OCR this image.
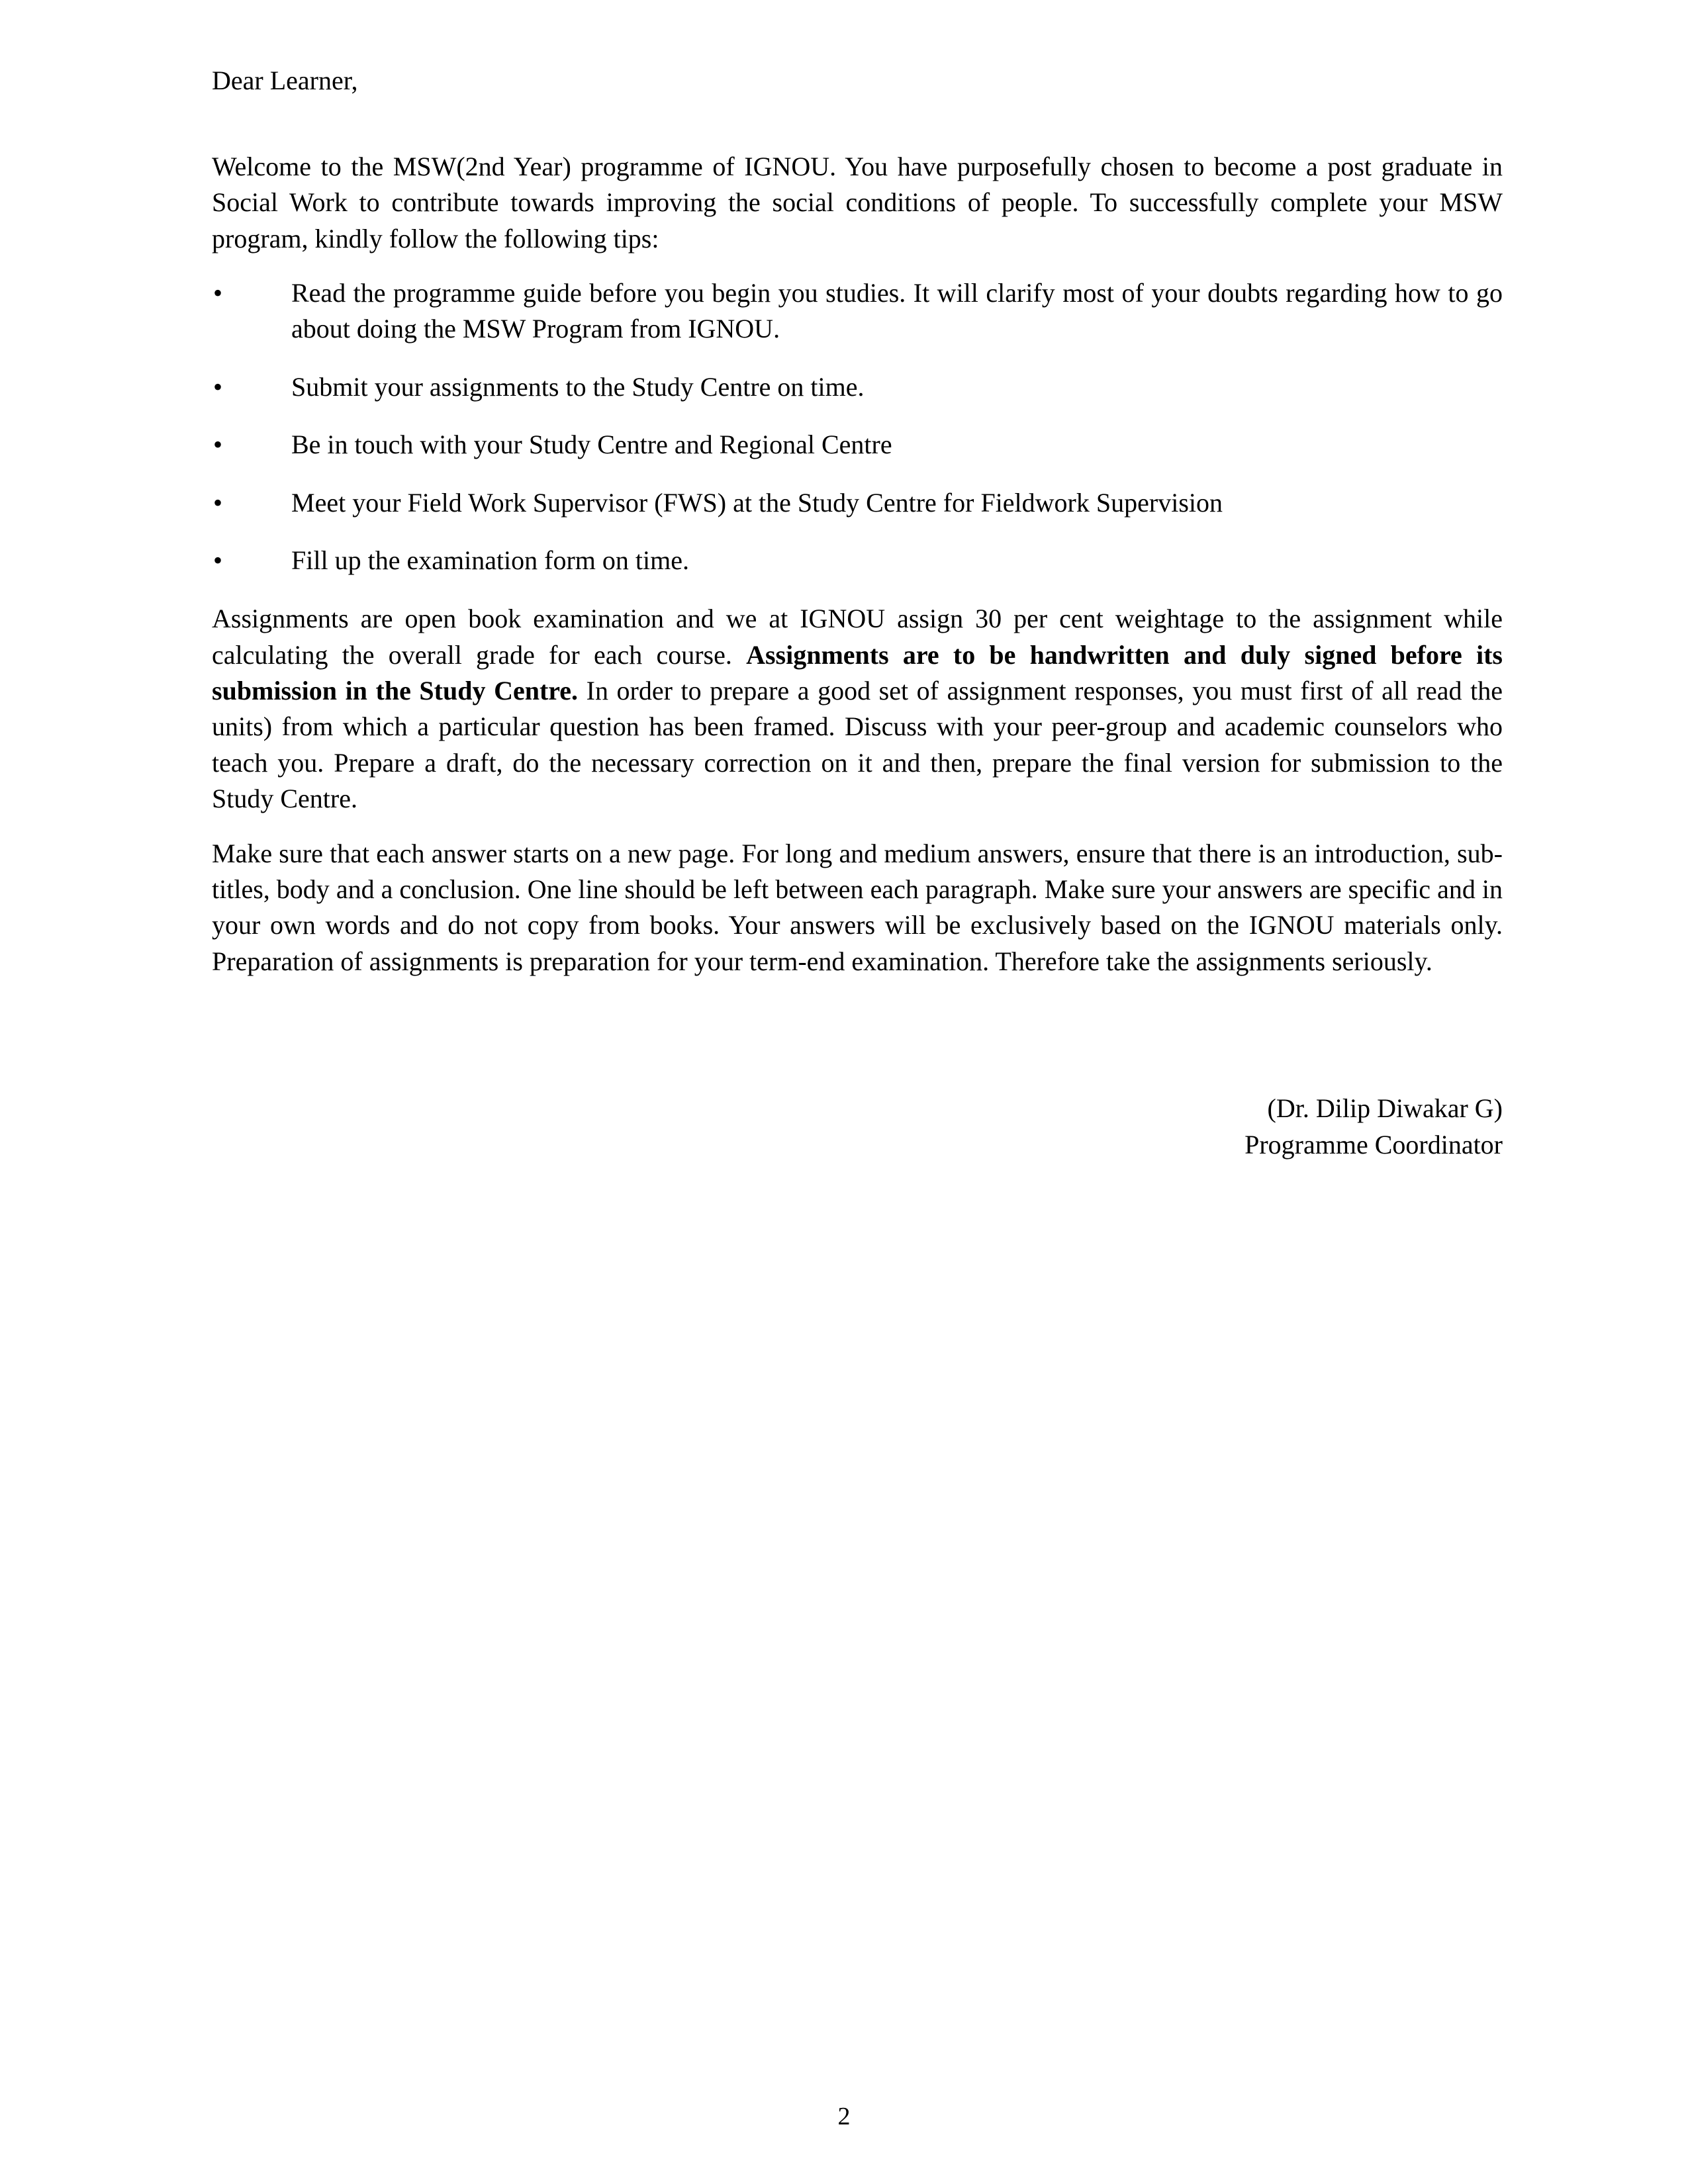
Dear Learner,

Welcome to the MSW(2nd Year) programme of IGNOU. You have purposefully chosen to become a post graduate in Social Work to contribute towards improving the social conditions of people. To successfully complete your MSW program, kindly follow the following tips:

•	Read the programme guide before you begin you studies. It will clarify most of your doubts regarding how to go about doing the MSW Program from IGNOU.
•	Submit your assignments to the Study Centre on time.
•	Be in touch with your Study Centre and Regional Centre
•	Meet your Field Work Supervisor (FWS) at the Study Centre for Fieldwork Supervision
•	Fill up the examination form on time.

Assignments are open book examination and we at IGNOU assign 30 per cent weightage to the assignment while calculating the overall grade for each course. Assignments are to be handwritten and duly signed before its submission in the Study Centre. In order to prepare a good set of assignment responses, you must first of all read the units) from which a particular question has been framed. Discuss with your peer-group and academic counselors who teach you. Prepare a draft, do the necessary correction on it and then, prepare the final version for submission to the Study Centre.

Make sure that each answer starts on a new page. For long and medium answers, ensure that there is an introduction, sub-titles, body and a conclusion. One line should be left between each paragraph. Make sure your answers are specific and in your own words and do not copy from books. Your answers will be exclusively based on the IGNOU materials only. Preparation of assignments is preparation for your term-end examination. Therefore take the assignments seriously.

(Dr. Dilip Diwakar G)
Programme Coordinator
2
